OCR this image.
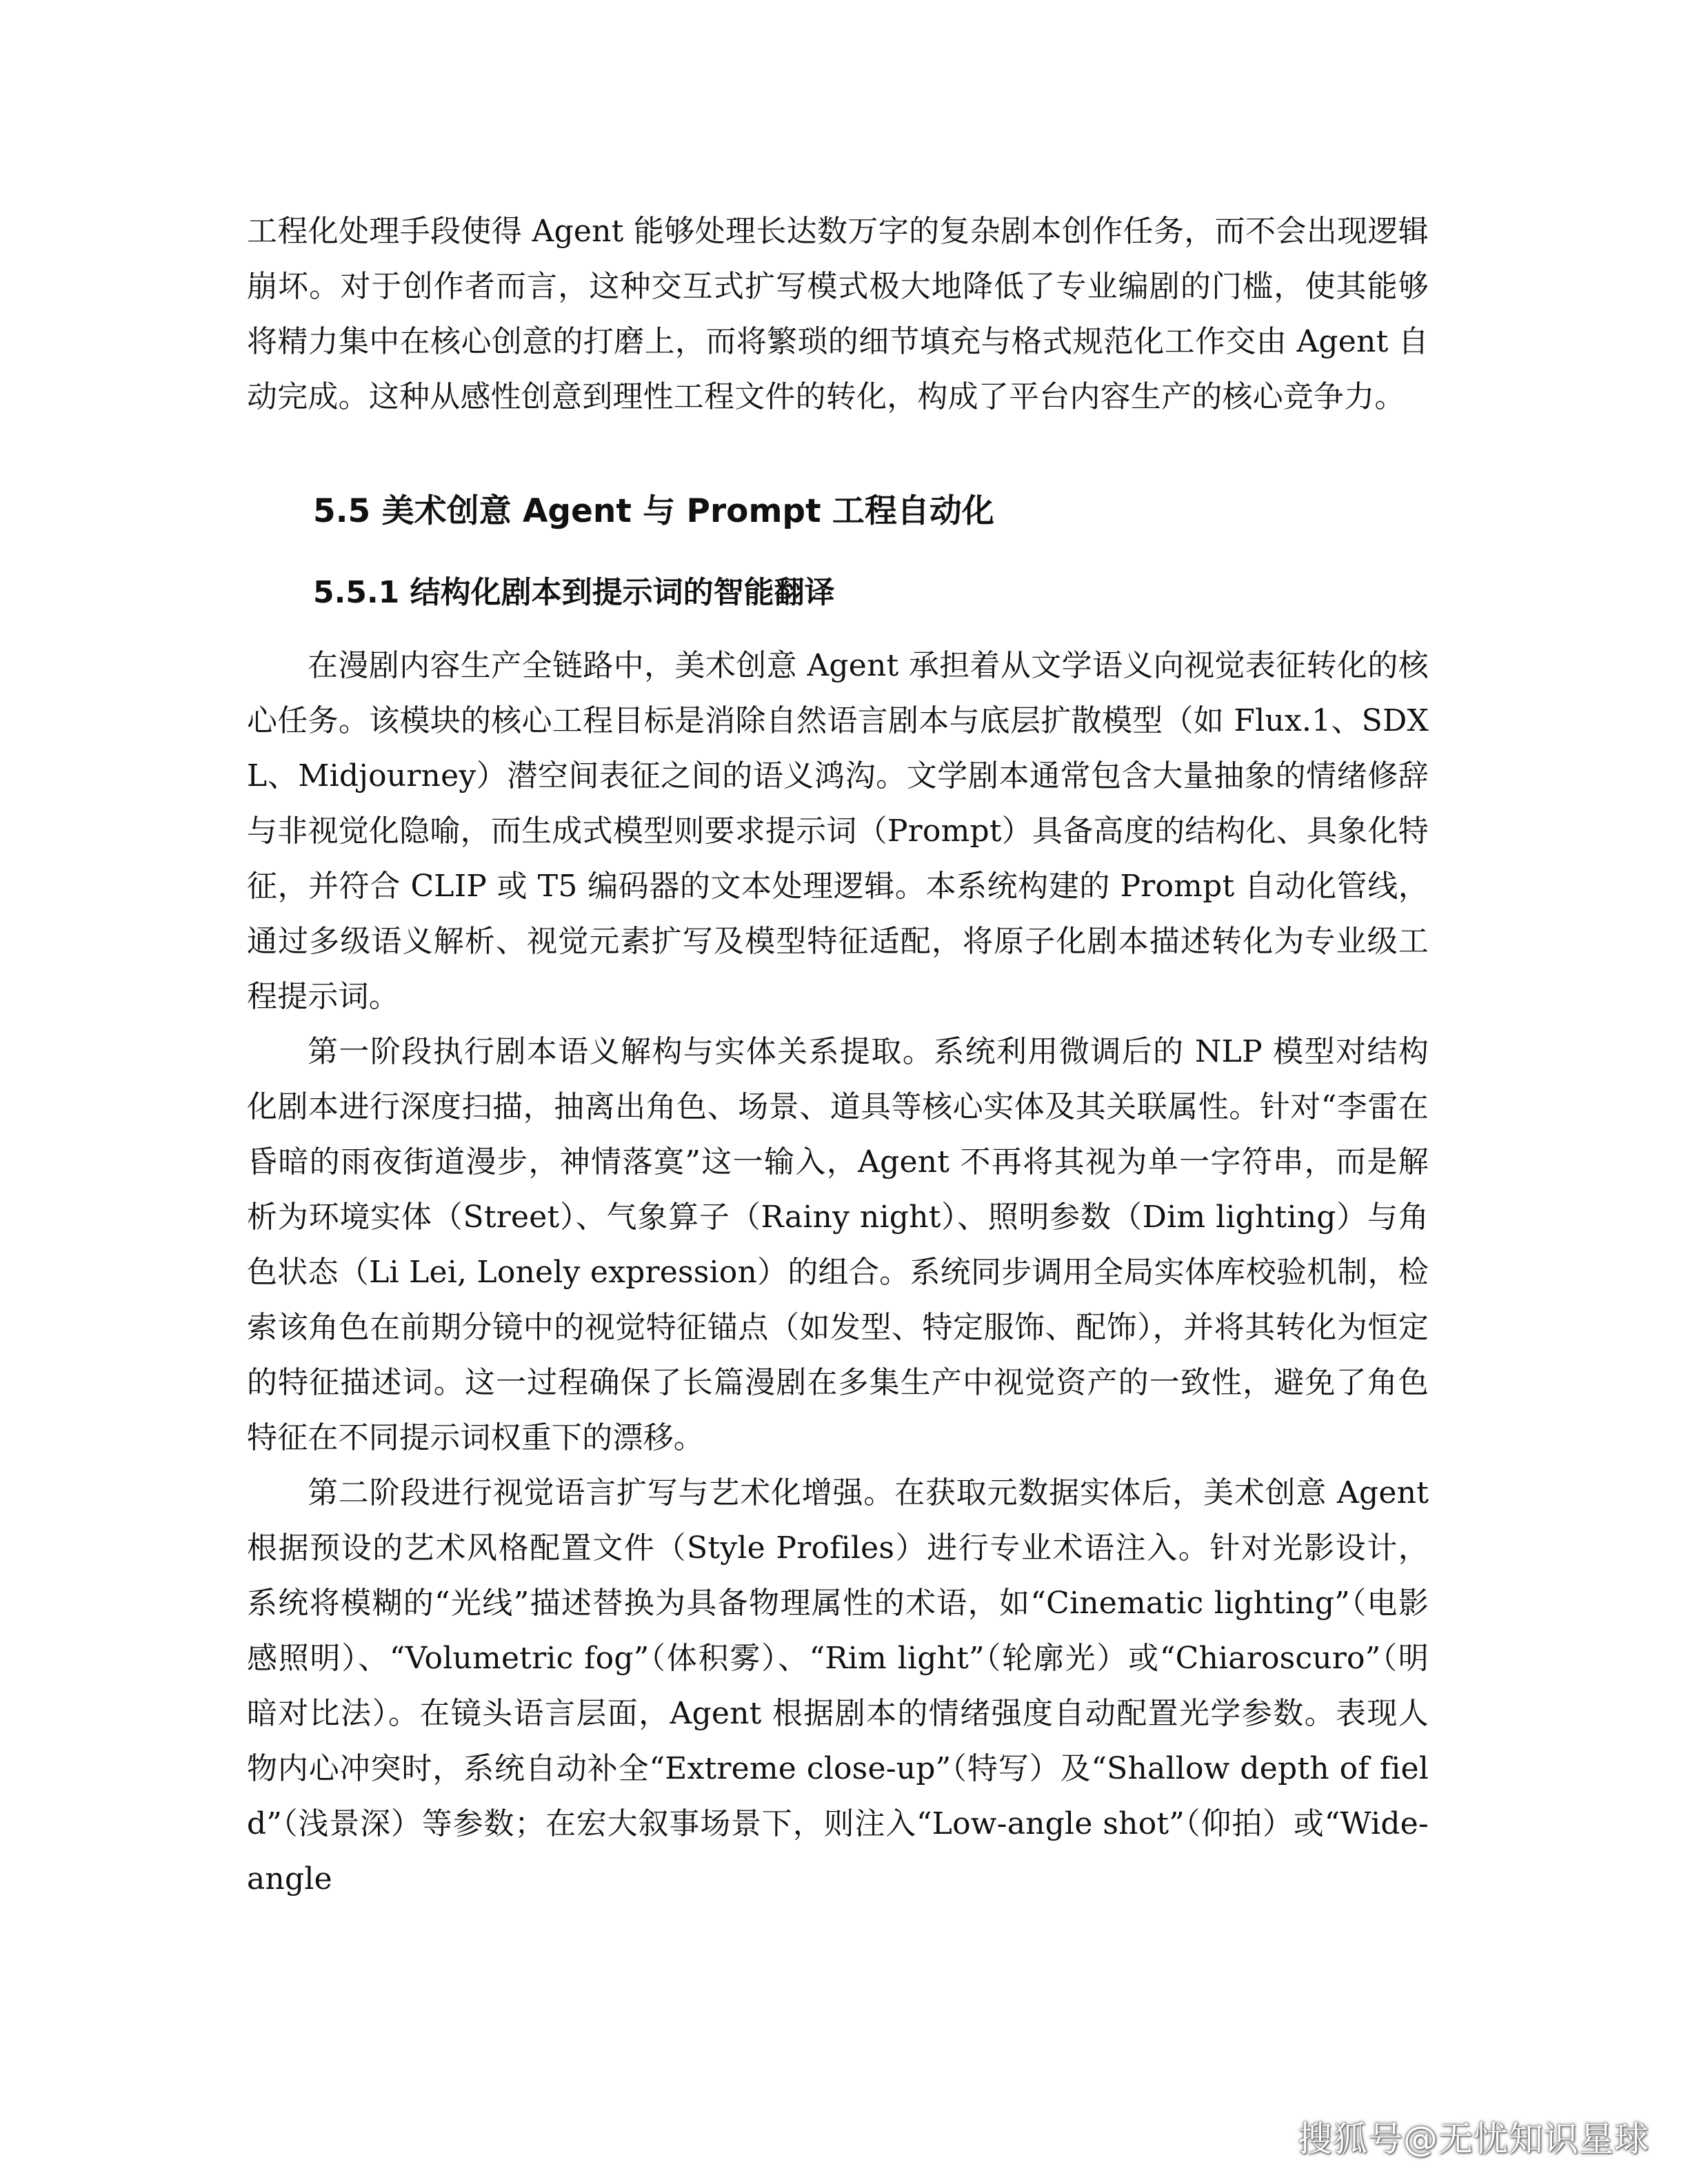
工程化处理手段使得 Agent 能够处理长达数万字的复杂剧本创作任务，而不会出现逻辑崩坏。对于创作者而言，这种交互式扩写模式极大地降低了专业编剧的门槛，使其能够将精力集中在核心创意的打磨上，而将繁琐的细节填充与格式规范化工作交由 Agent 自动完成。这种从感性创意到理性工程文件的转化，构成了平台内容生产的核心竞争力。

5.5 美术创意 Agent 与 Prompt 工程自动化
5.5.1 结构化剧本到提示词的智能翻译

在漫剧内容生产全链路中，美术创意 Agent 承担着从文学语义向视觉表征转化的核心任务。该模块的核心工程目标是消除自然语言剧本与底层扩散模型（如 Flux.1、SDXL、Midjourney）潜空间表征之间的语义鸿沟。文学剧本通常包含大量抽象的情绪修辞与非视觉化隐喻，而生成式模型则要求提示词（Prompt）具备高度的结构化、具象化特征，并符合 CLIP 或 T5 编码器的文本处理逻辑。本系统构建的 Prompt 自动化管线，通过多级语义解析、视觉元素扩写及模型特征适配，将原子化剧本描述转化为专业级工程提示词。

第一阶段执行剧本语义解构与实体关系提取。系统利用微调后的 NLP 模型对结构化剧本进行深度扫描，抽离出角色、场景、道具等核心实体及其关联属性。针对“李雷在昏暗的雨夜街道漫步，神情落寞”这一输入，Agent 不再将其视为单一字符串，而是解析为环境实体（Street）、气象算子（Rainy night）、照明参数（Dim lighting）与角色状态（Li Lei, Lonely expression）的组合。系统同步调用全局实体库校验机制，检索该角色在前期分镜中的视觉特征锚点（如发型、特定服饰、配饰），并将其转化为恒定的特征描述词。这一过程确保了长篇漫剧在多集生产中视觉资产的一致性，避免了角色特征在不同提示词权重下的漂移。

第二阶段进行视觉语言扩写与艺术化增强。在获取元数据实体后，美术创意 Agent 根据预设的艺术风格配置文件（Style Profiles）进行专业术语注入。针对光影设计，系统将模糊的“光线”描述替换为具备物理属性的术语，如“Cinematic lighting”（电影感照明）、“Volumetric fog”（体积雾）、“Rim light”（轮廓光）或“Chiaroscuro”（明暗对比法）。在镜头语言层面，Agent 根据剧本的情绪强度自动配置光学参数。表现人物内心冲突时，系统自动补全“Extreme close-up”（特写）及“Shallow depth of field”（浅景深）等参数；在宏大叙事场景下，则注入“Low-angle shot”（仰拍）或“Wide-angle

搜狐号@无忧知识星球
